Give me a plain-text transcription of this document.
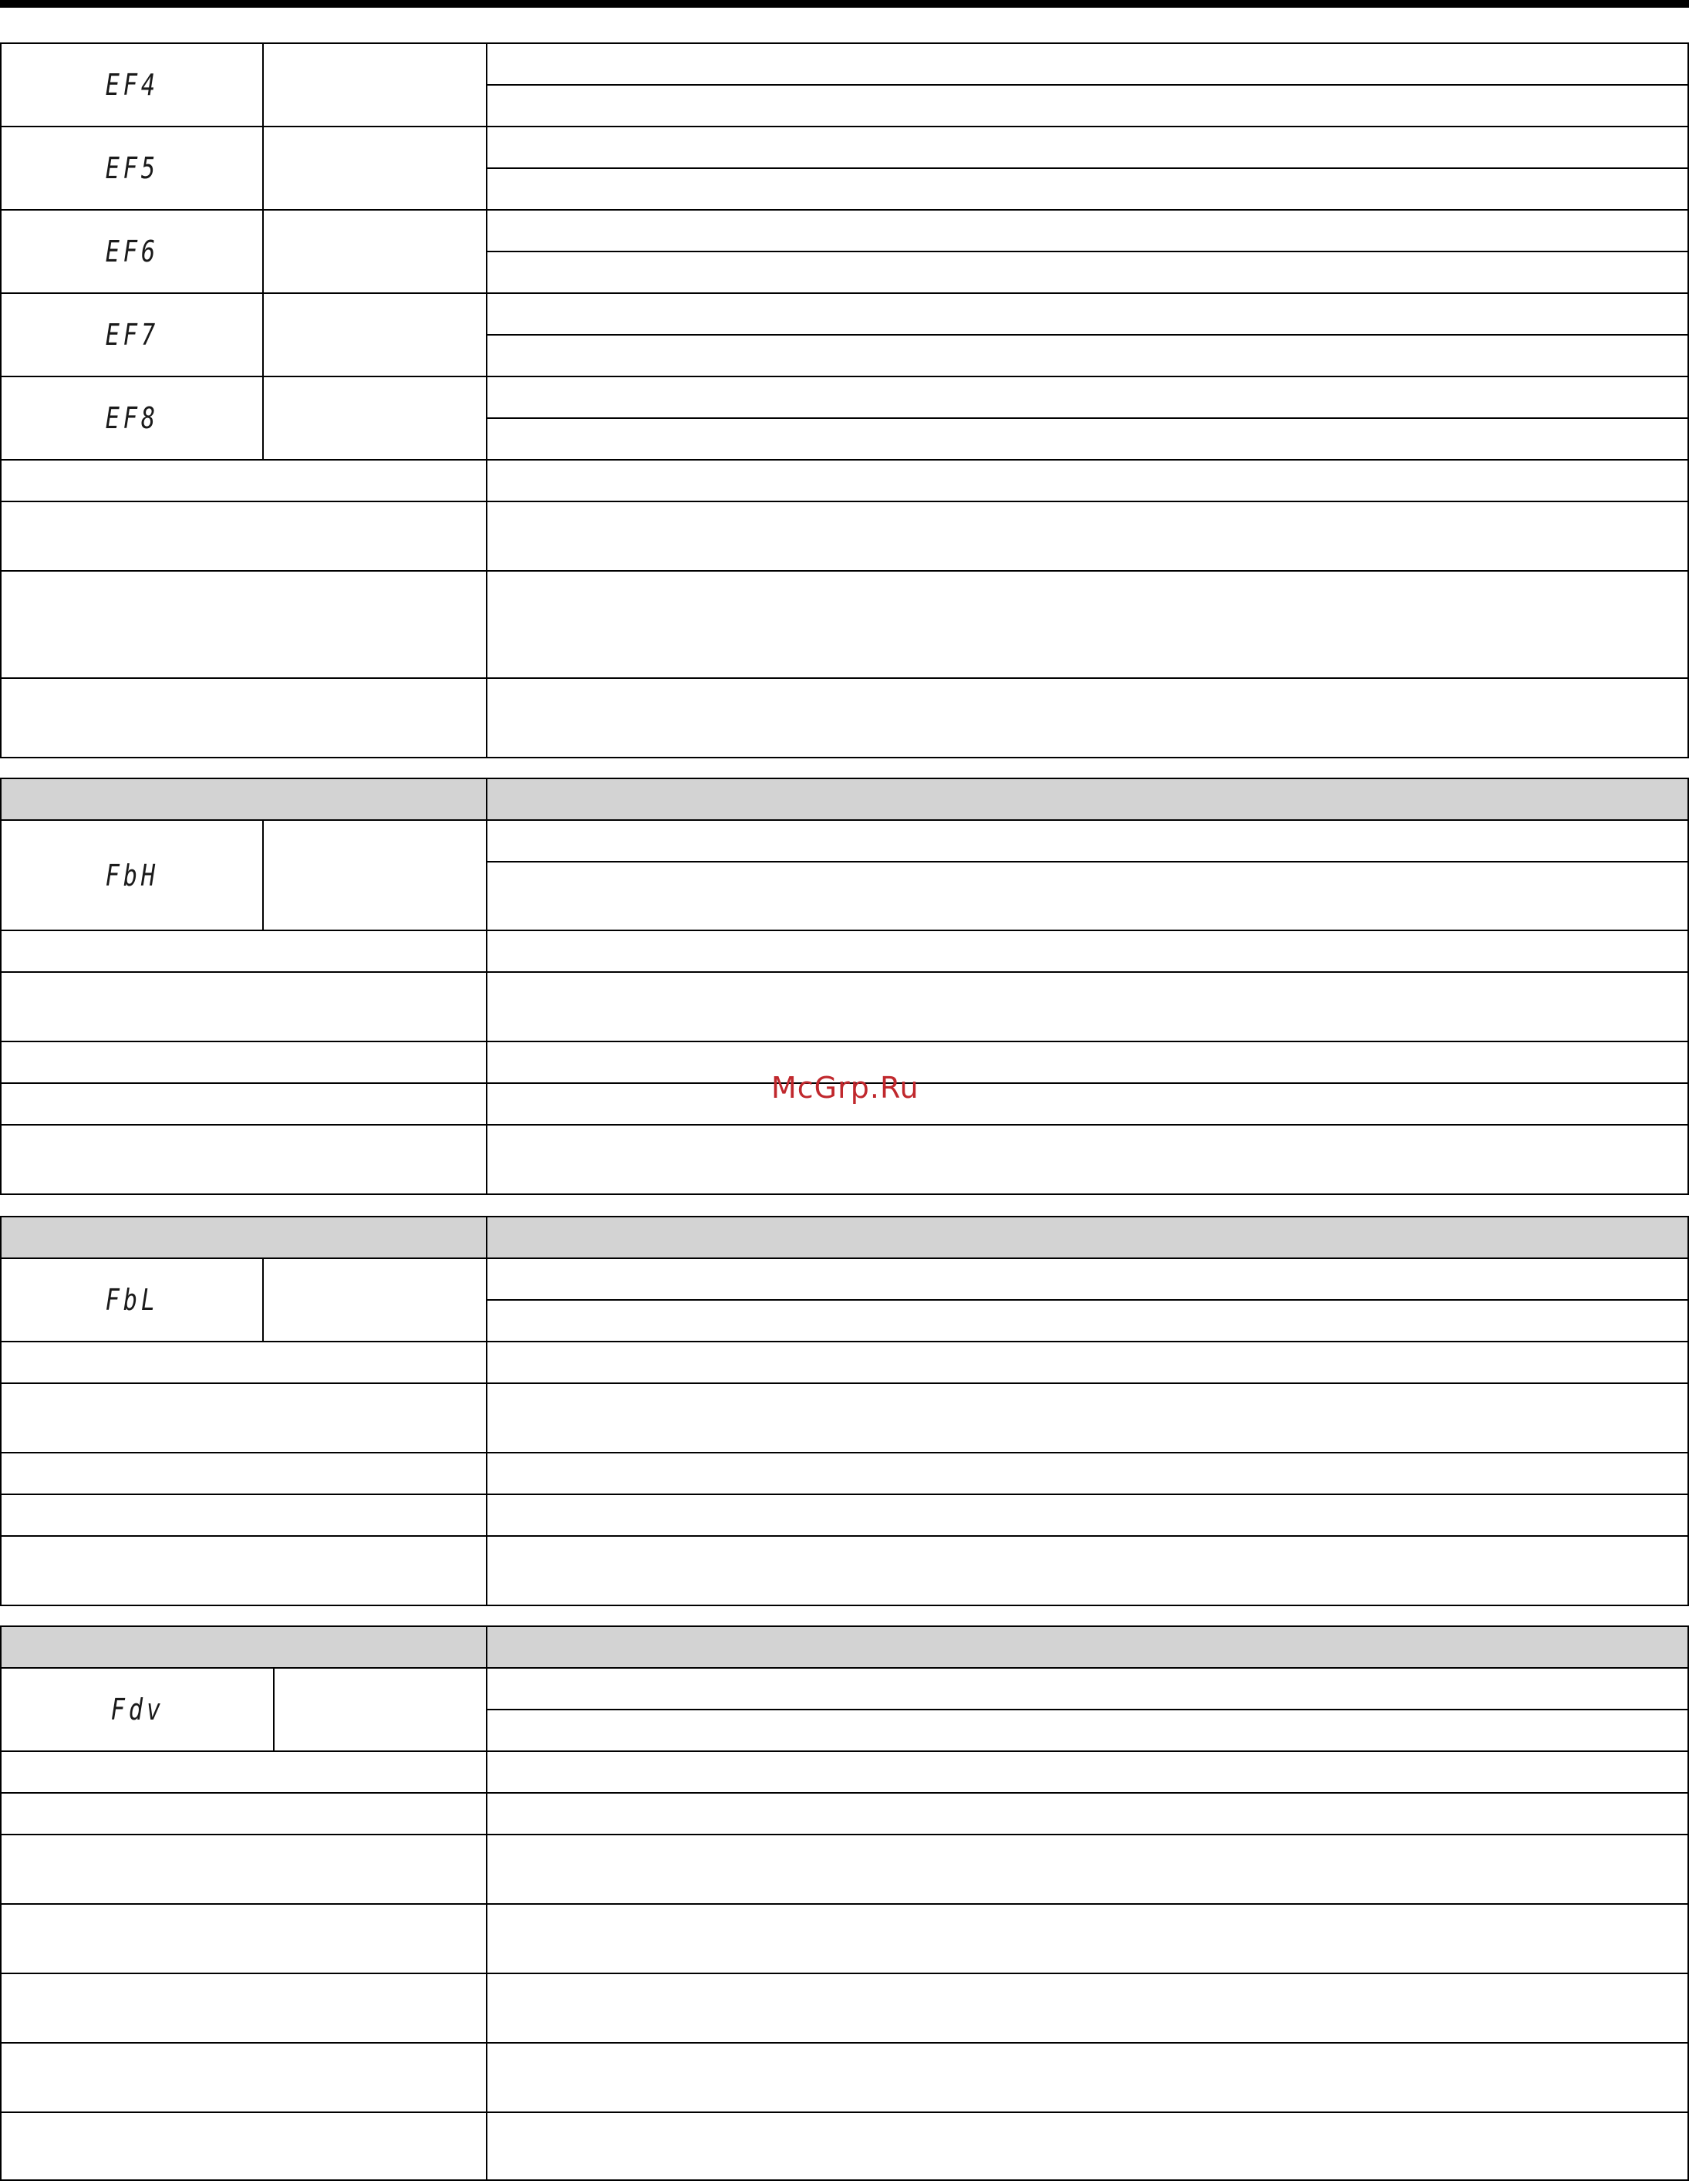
EF4
EF5
EF6
EF7
EF8
FbH
FbL
Fdv
McGrp.Ru
